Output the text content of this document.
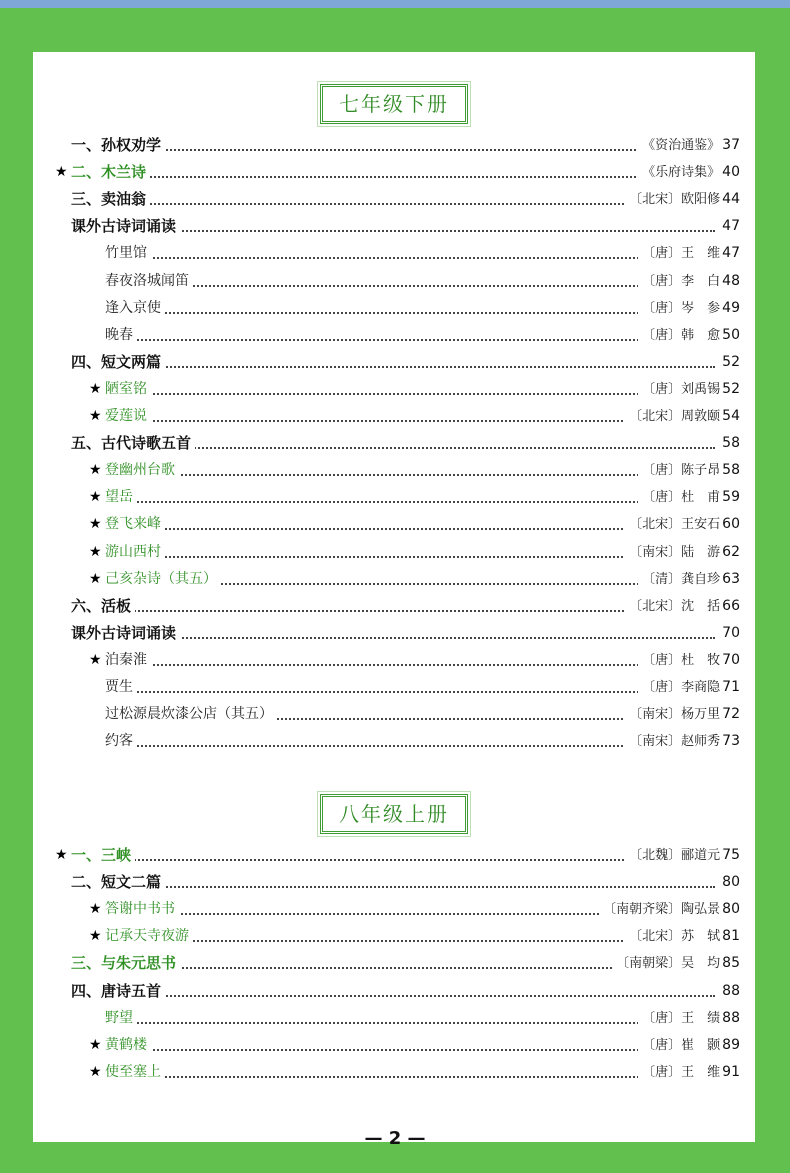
七年级下册
一、孙权劝学	《资治通鉴》 37
★ 二、木兰诗	《乐府诗集》 40
三、卖油翁	〔北宋〕欧阳修 44
课外古诗词诵读	47
竹里馆	〔唐〕王　维 47
春夜洛城闻笛	〔唐〕李　白 48
逢入京使	〔唐〕岑　参 49
晚春	〔唐〕韩　愈 50
四、短文两篇	52
★ 陋室铭	〔唐〕刘禹锡 52
★ 爱莲说	〔北宋〕周敦颐 54
五、古代诗歌五首	58
★ 登幽州台歌	〔唐〕陈子昂 58
★ 望岳	〔唐〕杜　甫 59
★ 登飞来峰	〔北宋〕王安石 60
★ 游山西村	〔南宋〕陆　游 62
★ 己亥杂诗（其五）	〔清〕龚自珍 63
六、活板	〔北宋〕沈　括 66
课外古诗词诵读	70
★ 泊秦淮	〔唐〕杜　牧 70
贾生	〔唐〕李商隐 71
过松源晨炊漆公店（其五）	〔南宋〕杨万里 72
约客	〔南宋〕赵师秀 73
八年级上册
★ 一、三峡	〔北魏〕郦道元 75
二、短文二篇	80
★ 答谢中书书	〔南朝齐梁〕陶弘景 80
★ 记承天寺夜游	〔北宋〕苏　轼 81
三、与朱元思书	〔南朝梁〕吴　均 85
四、唐诗五首	88
野望	〔唐〕王　绩 88
★ 黄鹤楼	〔唐〕崔　颢 89
★ 使至塞上	〔唐〕王　维 91
— 2 —
